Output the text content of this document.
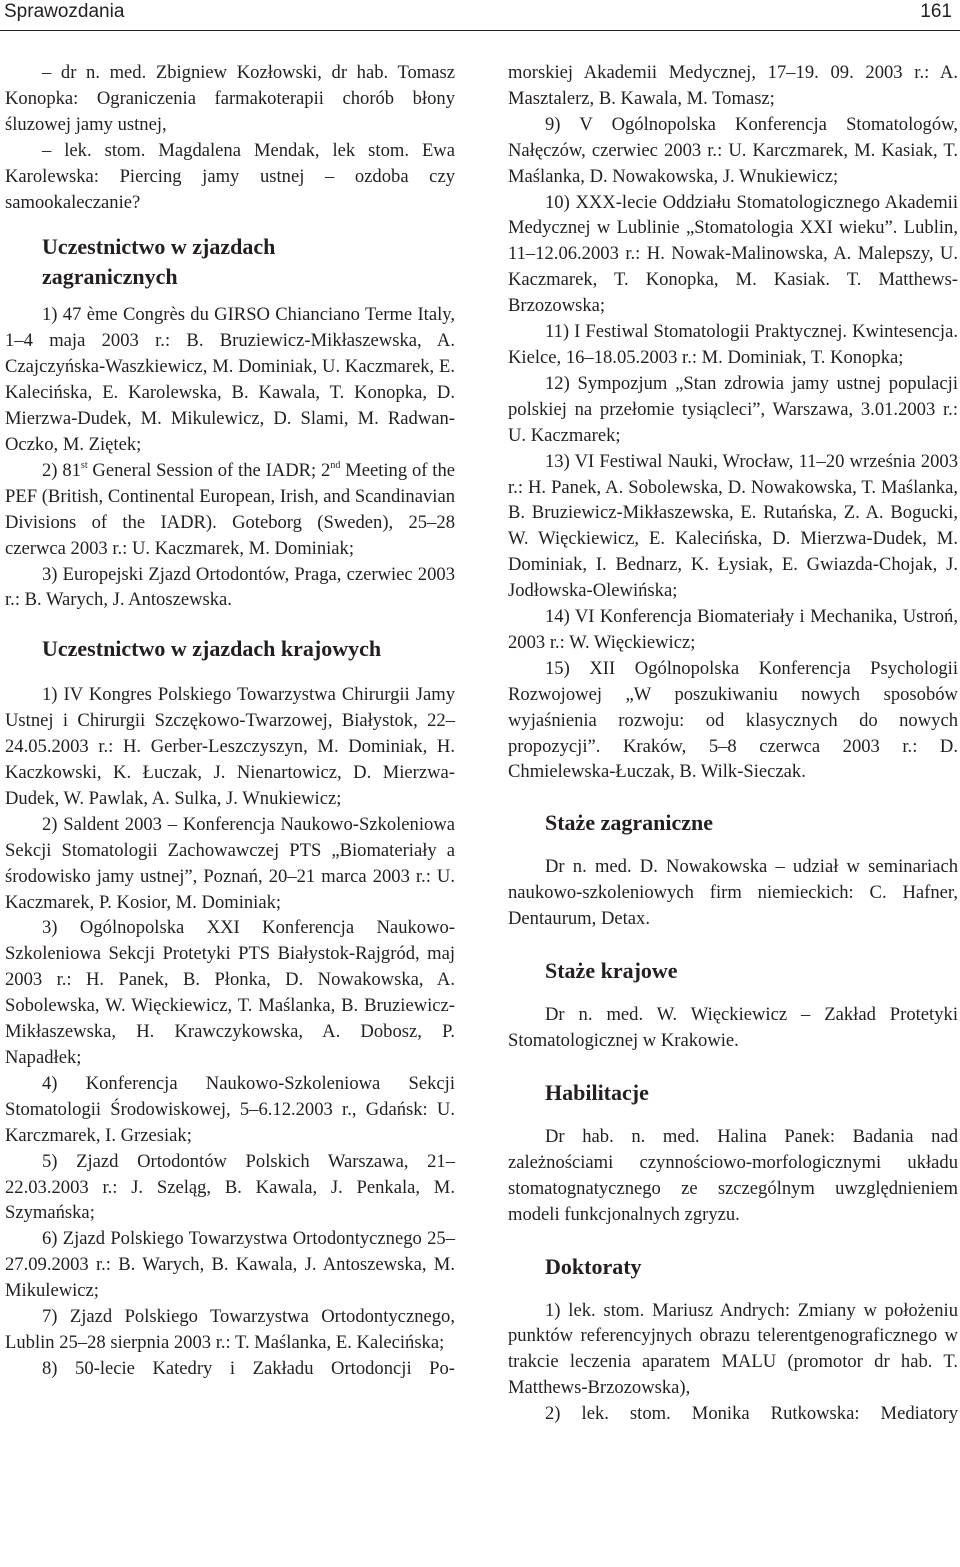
Sprawozdania	161

– dr n. med. Zbigniew Kozłowski, dr hab. Tomasz Konopka: Ograniczenia farmakoterapii chorób błony śluzowej jamy ustnej,

– lek. stom. Magdalena Mendak, lek stom. Ewa Karolewska: Piercing jamy ustnej – ozdoba czy samookaleczanie?

Uczestnictwo w zjazdach zagranicznych

1) 47 ème Congrès du GIRSO Chianciano Terme Italy, 1–4 maja 2003 r.: B. Bruziewicz-Mikłaszewska, A. Czajczyńska-Waszkiewicz, M. Dominiak, U. Kaczmarek, E. Kalecińska, E. Karolewska, B. Kawala, T. Konopka, D. Mierzwa-Dudek, M. Mikulewicz, D. Slami, M. Radwan-Oczko, M. Ziętek;

2) 81st General Session of the IADR; 2nd Meeting of the PEF (British, Continental European, Irish, and Scandinavian Divisions of the IADR). Goteborg (Sweden), 25–28 czerwca 2003 r.: U. Kaczmarek, M. Dominiak;

3) Europejski Zjazd Ortodontów, Praga, czerwiec 2003 r.: B. Warych, J. Antoszewska.

Uczestnictwo w zjazdach krajowych

1) IV Kongres Polskiego Towarzystwa Chirurgii Jamy Ustnej i Chirurgii Szczękowo-Twarzowej, Białystok, 22–24.05.2003 r.: H. Gerber-Leszczyszyn, M. Dominiak, H. Kaczkowski, K. Łuczak, J. Nienartowicz, D. Mierzwa-Dudek, W. Pawlak, A. Sulka, J. Wnukiewicz;

2) Saldent 2003 – Konferencja Naukowo-Szkoleniowa Sekcji Stomatologii Zachowawczej PTS „Biomateriały a środowisko jamy ustnej”, Poznań, 20–21 marca 2003 r.: U. Kaczmarek, P. Kosior, M. Dominiak;

3) Ogólnopolska XXI Konferencja Naukowo-Szkoleniowa Sekcji Protetyki PTS Białystok-Rajgród, maj 2003 r.: H. Panek, B. Płonka, D. Nowakowska, A. Sobolewska, W. Więckiewicz, T. Maślanka, B. Bruziewicz-Mikłaszewska, H. Krawczykowska, A. Dobosz, P. Napadłek;

4) Konferencja Naukowo-Szkoleniowa Sekcji Stomatologii Środowiskowej, 5–6.12.2003 r., Gdańsk: U. Karczmarek, I. Grzesiak;

5) Zjazd Ortodontów Polskich Warszawa, 21–22.03.2003 r.: J. Szeląg, B. Kawala, J. Penkala, M. Szymańska;

6) Zjazd Polskiego Towarzystwa Ortodontycznego 25–27.09.2003 r.: B. Warych, B. Kawala, J. Antoszewska, M. Mikulewicz;

7) Zjazd Polskiego Towarzystwa Ortodontycznego, Lublin 25–28 sierpnia 2003 r.: T. Maślanka, E. Kalecińska;

8) 50-lecie Katedry i Zakładu Ortodoncji Po-

morskiej Akademii Medycznej, 17–19. 09. 2003 r.: A. Masztalerz, B. Kawala, M. Tomasz;

9) V Ogólnopolska Konferencja Stomatologów, Nałęczów, czerwiec 2003 r.: U. Karczmarek, M. Kasiak, T. Maślanka, D. Nowakowska, J. Wnukiewicz;

10) XXX-lecie Oddziału Stomatologicznego Akademii Medycznej w Lublinie „Stomatologia XXI wieku”. Lublin, 11–12.06.2003 r.: H. Nowak-Malinowska, A. Malepszy, U. Kaczmarek, T. Konopka, M. Kasiak. T. Matthews-Brzozowska;

11) I Festiwal Stomatologii Praktycznej. Kwintesencja. Kielce, 16–18.05.2003 r.: M. Dominiak, T. Konopka;

12) Sympozjum „Stan zdrowia jamy ustnej populacji polskiej na przełomie tysiącleci”, Warszawa, 3.01.2003 r.: U. Kaczmarek;

13) VI Festiwal Nauki, Wrocław, 11–20 września 2003 r.: H. Panek, A. Sobolewska, D. Nowakowska, T. Maślanka, B. Bruziewicz-Mikłaszewska, E. Rutańska, Z. A. Bogucki, W. Więckiewicz, E. Kalecińska, D. Mierzwa-Dudek, M. Dominiak, I. Bednarz, K. Łysiak, E. Gwiazda-Chojak, J. Jodłowska-Olewińska;

14) VI Konferencja Biomateriały i Mechanika, Ustroń, 2003 r.: W. Więckiewicz;

15) XII Ogólnopolska Konferencja Psychologii Rozwojowej „W poszukiwaniu nowych sposobów wyjaśnienia rozwoju: od klasycznych do nowych propozycji”. Kraków, 5–8 czerwca 2003 r.: D. Chmielewska-Łuczak, B. Wilk-Sieczak.

Staże zagraniczne

Dr n. med. D. Nowakowska – udział w seminariach naukowo-szkoleniowych firm niemieckich: C. Hafner, Dentaurum, Detax.

Staże krajowe

Dr n. med. W. Więckiewicz – Zakład Protetyki Stomatologicznej w Krakowie.

Habilitacje

Dr hab. n. med. Halina Panek: Badania nad zależnościami czynnościowo-morfologicznymi układu stomatognatycznego ze szczególnym uwzględnieniem modeli funkcjonalnych zgryzu.

Doktoraty

1) lek. stom. Mariusz Andrych: Zmiany w położeniu punktów referencyjnych obrazu telerentgenograficznego w trakcie leczenia aparatem MALU (promotor dr hab. T. Matthews-Brzozowska),

2) lek. stom. Monika Rutkowska: Mediatory
